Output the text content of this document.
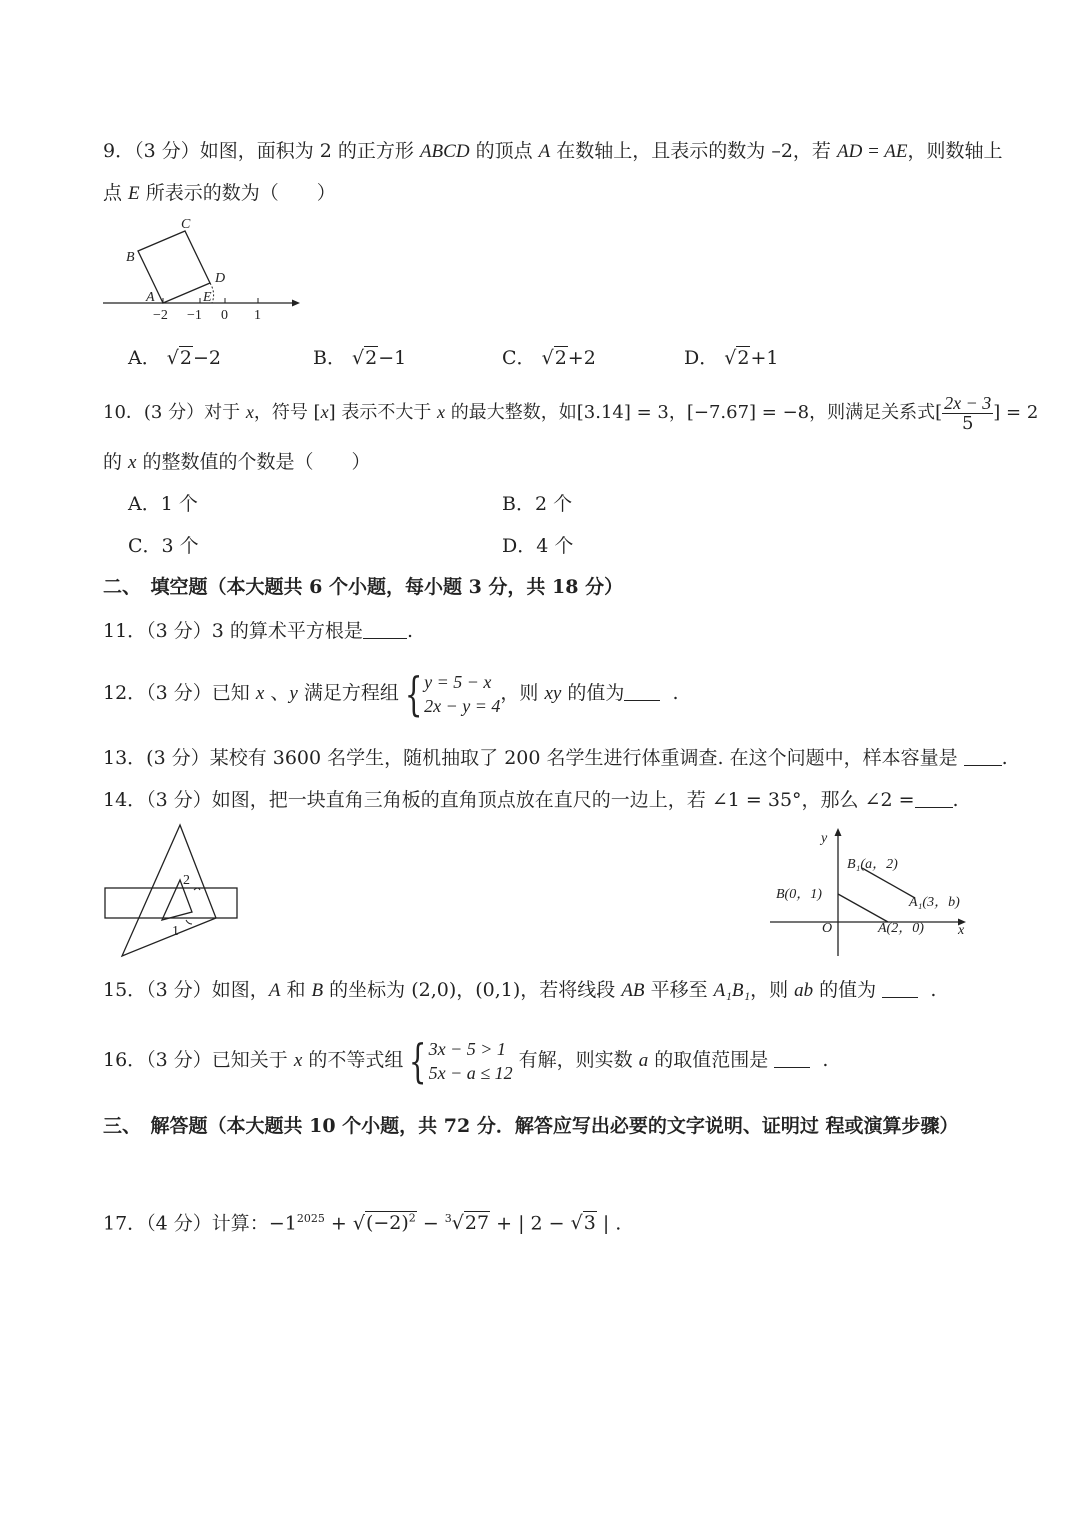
9．（3 分）如图，面积为 2 的正方形 ABCD 的顶点 A 在数轴上，且表示的数为 –2，若 AD = AE，则数轴上
点 E 所表示的数为（　　）
C
B
D
A	E
−2 −1 0 1
A． √2−2	B． √2−1	C． √2+2	D． √2+1
10．(3 分）对于 x，符号 [x] 表示不大于 x 的最大整数，如[3.14] = 3，[−7.67] = −8，则满足关系式[ $\frac{2x - 3}{5}$ ] = 2
的 x 的整数值的个数是（　　）
A．1 个	B．2 个
C．3 个	D．4 个
二、　填空题（本大题共 6 个小题，每小题 3 分，共 18 分）
11．（3 分）3 的算术平方根是 .
12．（3 分）已知 x 、y 满足方程组 { y = 5 − x
2x − y = 4
，则 xy 的值为	.
13．(3 分）某校有 3600 名学生，随机抽取了 200 名学生进行体重调查. 在这个问题中，样本容量是 .
14．（3 分）如图，把一块直角三角板的直角顶点放在直尺的一边上，若 ∠1 = 35°，那么 ∠2 = .
2
1
y
x
O
B₁(a，2)
B(0，1)
A₁(3，b)
A(2，0)
15．（3 分）如图，A 和 B 的坐标为 (2,0)，(0,1)，若将线段 AB 平移至 A₁B₁，则 ab 的值为	.
16．（3 分）已知关于 x 的不等式组 { 3x − 5 > 1
5x − a ≤ 12
有解，则实数 a 的取值范围是	.
三、　解答题（本大题共 10 个小题，共 72 分．解答应写出必要的文字说明、证明过 程或演算步骤）
17．（4 分）计算：$-1^{2025} + √(-2)^2 - ^3√27$ + | 2 − √3 | .
